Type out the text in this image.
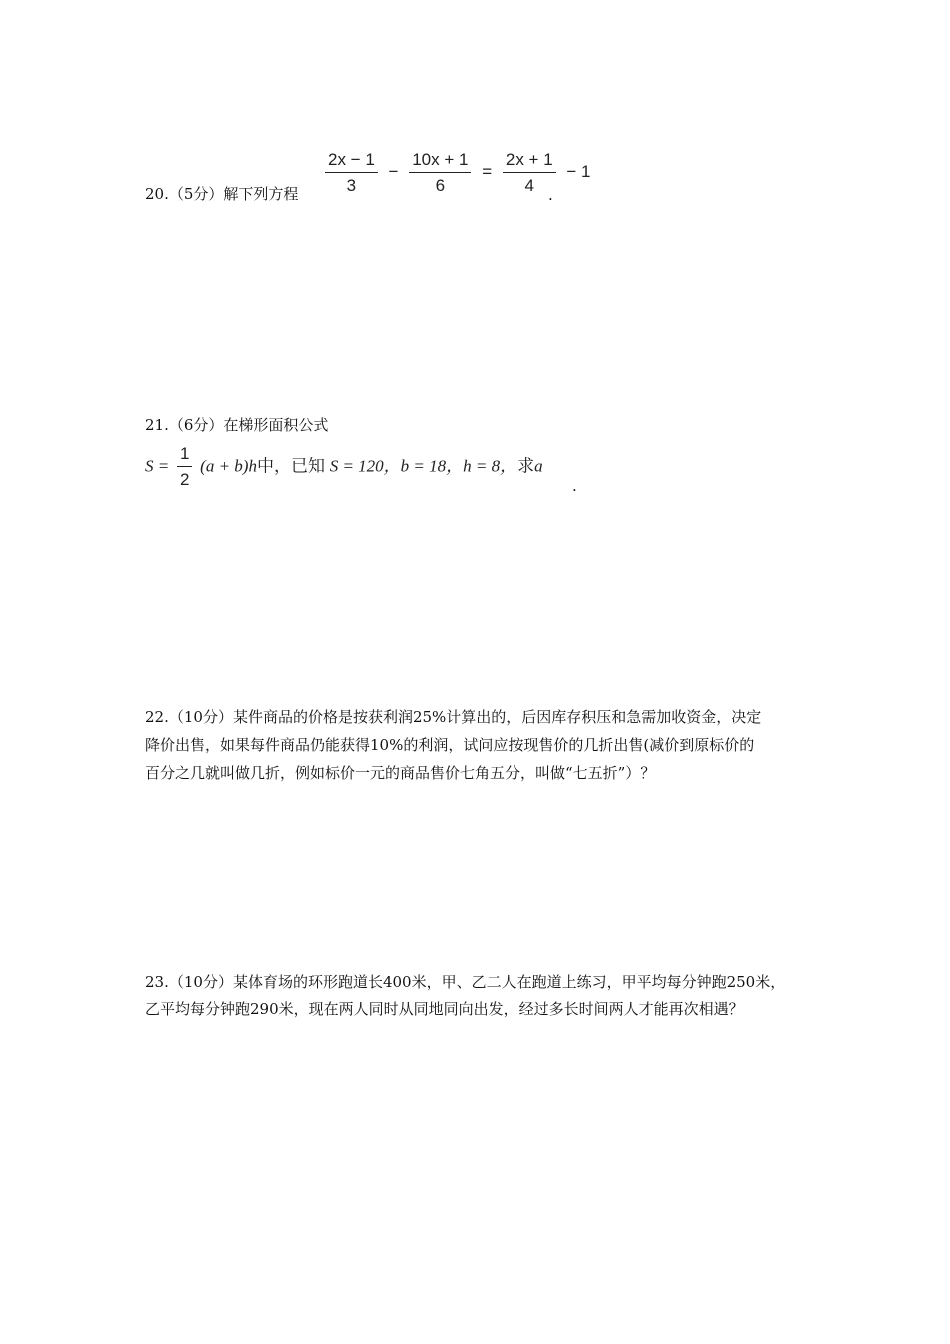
20.（5分）解下列方程 $\frac{2x - 1}{3} - \frac{10x + 1}{6} = \frac{2x + 1}{4} - 1$
.
21.（6分）在梯形面积公式
$S = \frac{1}{2} (a + b)h$中，已知 S = 120，b = 18，h = 8，求a
.
22.（10分）某件商品的价格是按获利润25%计算出的，后因库存积压和急需加收资金，决定
降价出售，如果每件商品仍能获得10%的利润，试问应按现售价的几折出售(减价到原标价的
百分之几就叫做几折，例如标价一元的商品售价七角五分，叫做“七五折”）？
23.（10分）某体育场的环形跑道长400米，甲、乙二人在跑道上练习，甲平均每分钟跑250米，
乙平均每分钟跑290米，现在两人同时从同地同向出发，经过多长时间两人才能再次相遇？
